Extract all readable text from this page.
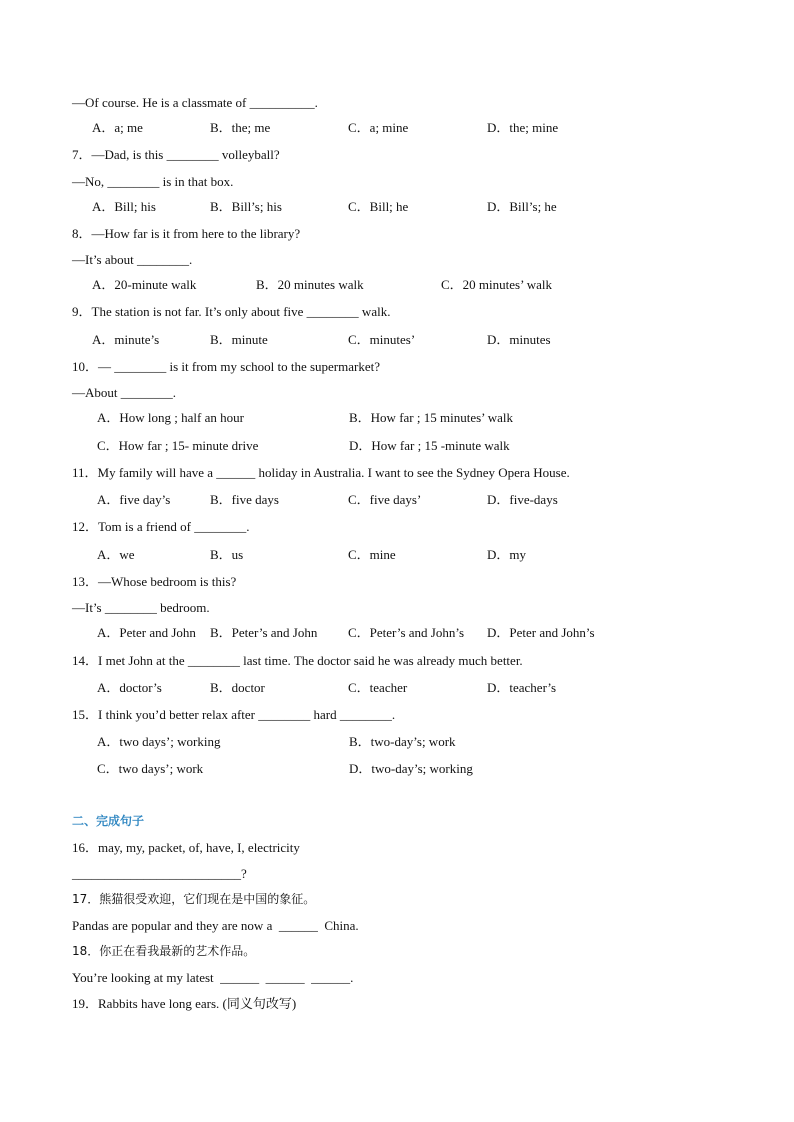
—Of course. He is a classmate of __________.
A．a; me	B．the; me	C．a; mine	D．the; mine
7．—Dad, is this ________ volleyball?
—No, ________ is in that box.
A．Bill; his	B．Bill’s; his	C．Bill; he	D．Bill’s; he
8．—How far is it from here to the library?
—It’s about ________.
A．20-minute walk	B．20 minutes walk	C．20 minutes’ walk
9．The station is not far. It’s only about five ________ walk.
A．minute’s	B．minute	C．minutes’	D．minutes
10．— ________ is it from my school to the supermarket?
—About ________.
A．How long ; half an hour	B．How far ; 15 minutes’ walk
C．How far ; 15- minute drive	D．How far ; 15 -minute walk
11．My family will have a ______ holiday in Australia. I want to see the Sydney Opera House.
A．five day’s	B．five days	C．five days’	D．five-days
12．Tom is a friend of ________.
A．we	B．us	C．mine	D．my
13．—Whose bedroom is this?
—It’s ________ bedroom.
A．Peter and John B．Peter’s and John C．Peter’s and John’s D．Peter and John’s
14．I met John at the ________ last time. The doctor said he was already much better.
A．doctor’s	B．doctor	C．teacher	D．teacher’s
15．I think you’d better relax after ________ hard ________.
A．two days’; working	B．two-day’s; work
C．two days’; work	D．two-day’s; working
二、完成句子
16．may, my, packet, of, have, I, electricity
__________________________?
17．熊猫很受欢迎，它们现在是中国的象征。
Pandas are popular and they are now a  ______  China.
18．你正在看我最新的艺术作品。
You’re looking at my latest  ______  ______  ______.
19．Rabbits have long ears. (同义句改写)
